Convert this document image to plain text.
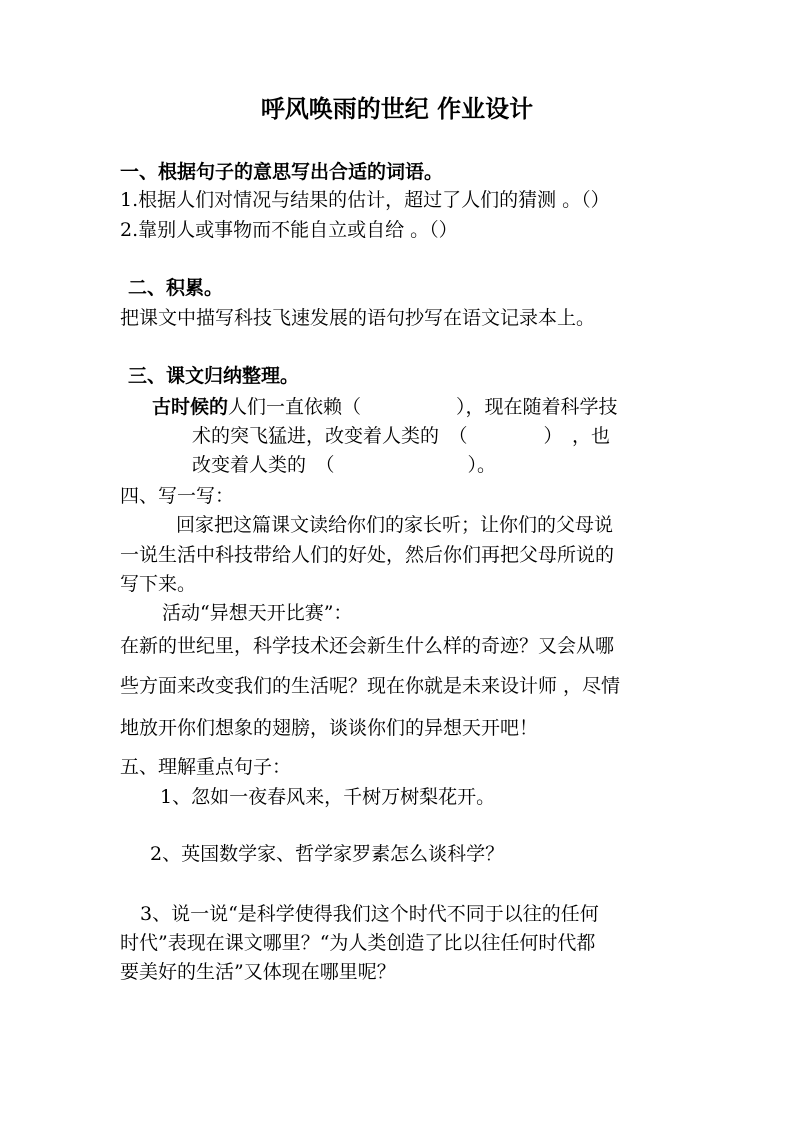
呼风唤雨的世纪 作业设计
一、根据句子的意思写出合适的词语。
1.根据人们对情况与结果的估计，超过了人们的猜测 。（）
2.靠别人或事物而不能自立或自给 。（）
二、积累。
把课文中描写科技飞速发展的语句抄写在语文记录本上。
三、课文归纳整理。
古时候的人们一直依赖（　　　　　），现在随着科学技
术的突飞猛进，改变着人类的　（　　　　）　，也
改变着人类的　（　　　　　　　）。
四、写一写：
回家把这篇课文读给你们的家长听；让你们的父母说
一说生活中科技带给人们的好处，然后你们再把父母所说的
写下来。
活动“异想天开比赛”：
在新的世纪里，科学技术还会新生什么样的奇迹？又会从哪
些方面来改变我们的生活呢？现在你就是未来设计师 ，尽情
地放开你们想象的翅膀，谈谈你们的异想天开吧！
五、理解重点句子：
1、忽如一夜春风来，千树万树梨花开。
2、英国数学家、哲学家罗素怎么谈科学？
3、说一说“是科学使得我们这个时代不同于以往的任何
时代”表现在课文哪里？“为人类创造了比以往任何时代都
要美好的生活”又体现在哪里呢？
